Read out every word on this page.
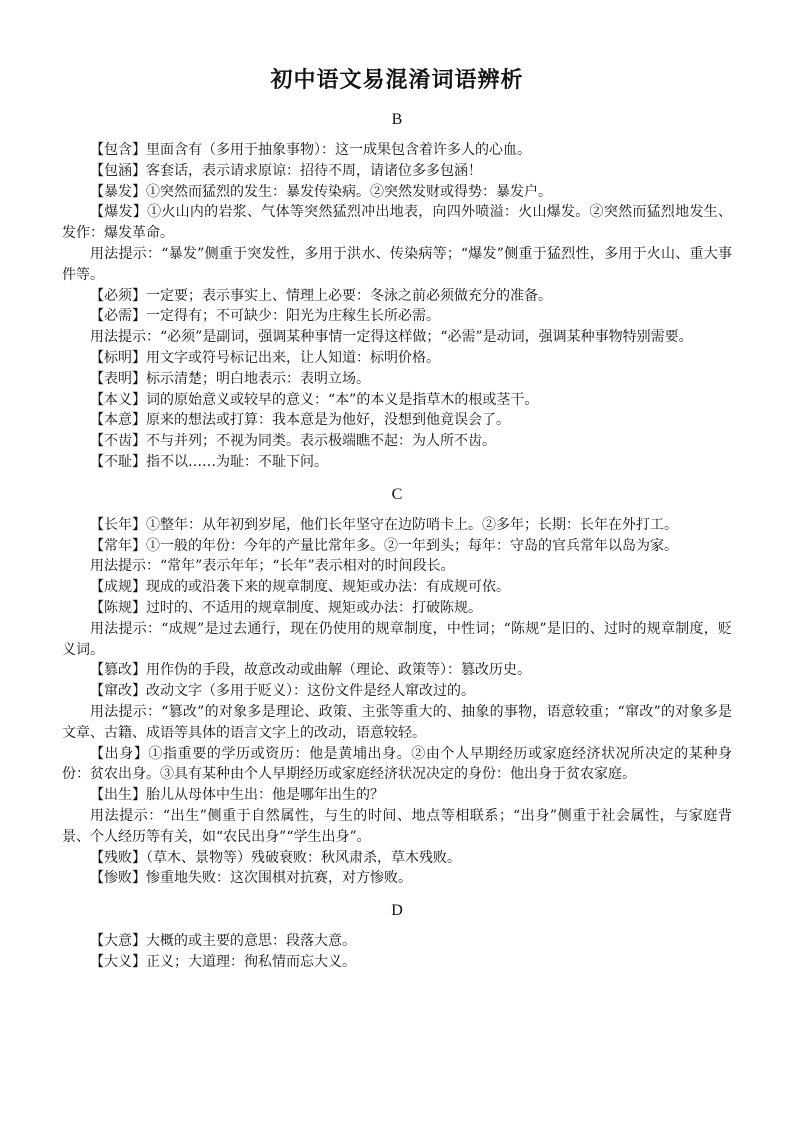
初中语文易混淆词语辨析
B

【包含】里面含有（多用于抽象事物）：这一成果包含着许多人的心血。

【包涵】客套话，表示请求原谅：招待不周，请诸位多多包涵！

【暴发】①突然而猛烈的发生：暴发传染病。②突然发财或得势：暴发户。

【爆发】①火山内的岩浆、气体等突然猛烈冲出地表，向四外喷溢：火山爆发。②突然而猛烈地发生、发作：爆发革命。

用法提示：“暴发”侧重于突发性，多用于洪水、传染病等；“爆发”侧重于猛烈性，多用于火山、重大事件等。

【必须】一定要；表示事实上、情理上必要：冬泳之前必须做充分的准备。

【必需】一定得有；不可缺少：阳光为庄稼生长所必需。

用法提示：“必须”是副词，强调某种事情一定得这样做；“必需”是动词，强调某种事物特别需要。

【标明】用文字或符号标记出来，让人知道：标明价格。

【表明】标示清楚；明白地表示：表明立场。

【本义】词的原始意义或较早的意义：“本”的本义是指草木的根或茎干。

【本意】原来的想法或打算：我本意是为他好，没想到他竟误会了。

【不齿】不与并列；不视为同类。表示极端瞧不起：为人所不齿。

【不耻】指不以……为耻：不耻下问。

C

【长年】①整年：从年初到岁尾，他们长年坚守在边防哨卡上。②多年；长期：长年在外打工。

【常年】①一般的年份：今年的产量比常年多。②一年到头；每年：守岛的官兵常年以岛为家。

用法提示：“常年”表示年年；“长年”表示相对的时间段长。

【成规】现成的或沿袭下来的规章制度、规矩或办法：有成规可依。

【陈规】过时的、不适用的规章制度、规矩或办法：打破陈规。

用法提示：“成规”是过去通行，现在仍使用的规章制度，中性词；“陈规”是旧的、过时的规章制度，贬义词。

【篡改】用作伪的手段，故意改动或曲解（理论、政策等）：篡改历史。

【窜改】改动文字（多用于贬义）：这份文件是经人窜改过的。

用法提示：“篡改”的对象多是理论、政策、主张等重大的、抽象的事物，语意较重；“窜改”的对象多是文章、古籍、成语等具体的语言文字上的改动，语意较轻。

【出身】①指重要的学历或资历：他是黄埔出身。②由个人早期经历或家庭经济状况所决定的某种身份：贫农出身。③具有某种由个人早期经历或家庭经济状况决定的身份：他出身于贫农家庭。

【出生】胎儿从母体中生出：他是哪年出生的？

用法提示：“出生”侧重于自然属性，与生的时间、地点等相联系；“出身”侧重于社会属性，与家庭背景、个人经历等有关，如“农民出身”“学生出身”。

【残败】（草木、景物等）残破衰败：秋风肃杀，草木残败。

【惨败】惨重地失败：这次围棋对抗赛，对方惨败。

D

【大意】大概的或主要的意思：段落大意。

【大义】正义；大道理：徇私情而忘大义。
